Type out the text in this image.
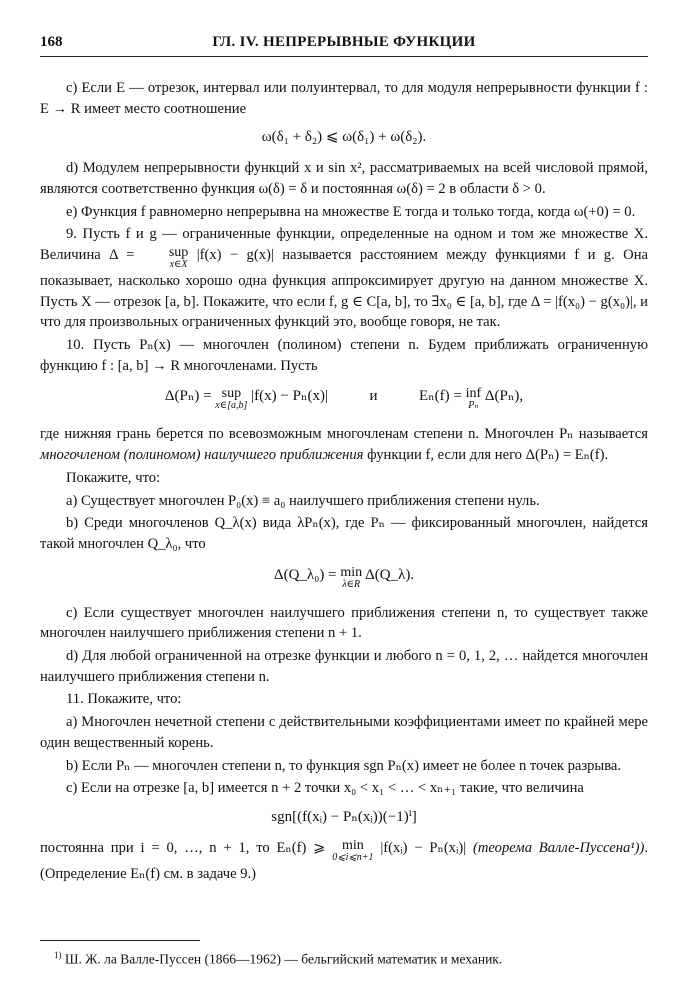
168	ГЛ. IV. НЕПРЕРЫВНЫЕ ФУНКЦИИ

c) Если E — отрезок, интервал или полуинтервал, то для модуля непрерывности функции f : E → R имеет место соотношение

ω(δ₁ + δ₂) ⩽ ω(δ₁) + ω(δ₂).

d) Модулем непрерывности функций x и sin x², рассматриваемых на всей числовой прямой, являются соответственно функция ω(δ) = δ и постоянная ω(δ) = 2 в области δ > 0.

e) Функция f равномерно непрерывна на множестве E тогда и только тогда, когда ω(+0) = 0.

9. Пусть f и g — ограниченные функции, определенные на одном и том же множестве X. Величина Δ =	sup
x∈X
|f(x) − g(x)| называется расстоянием между функциями f и g. Она показывает, насколько хорошо одна функция аппроксимирует другую на данном множестве X. Пусть X — отрезок [a, b]. Покажите, что если f, g ∈ C[a, b], то ∃x₀ ∈ [a, b], где Δ = |f(x₀) − g(x₀)|, и что для произвольных ограниченных функций это, вообще говоря, не так.

10. Пусть Pₙ(x) — многочлен (полином) степени n. Будем приближать ограниченную функцию f : [a, b] → R многочленами. Пусть

Δ(Pₙ) = sup
x∈[a,b]
|f(x) − Pₙ(x)|	и	Eₙ(f) = inf
Pₙ
Δ(Pₙ),

где нижняя грань берется по всевозможным многочленам степени n. Многочлен Pₙ называется многочленом (полиномом) наилучшего приближения функции f, если для него Δ(Pₙ) = Eₙ(f).

Покажите, что:

a) Существует многочлен P₀(x) ≡ a₀ наилучшего приближения степени нуль.

b) Среди многочленов Q_λ(x) вида λPₙ(x), где Pₙ — фиксированный многочлен, найдется такой многочлен Q_λ₀, что

Δ(Q_λ₀) = min
λ∈R
Δ(Q_λ).

c) Если существует многочлен наилучшего приближения степени n, то существует также многочлен наилучшего приближения степени n + 1.

d) Для любой ограниченной на отрезке функции и любого n = 0, 1, 2, … найдется многочлен наилучшего приближения степени n.

11. Покажите, что:

a) Многочлен нечетной степени с действительными коэффициентами имеет по крайней мере один вещественный корень.

b) Если Pₙ — многочлен степени n, то функция sgn Pₙ(x) имеет не более n точек разрыва.

c) Если на отрезке [a, b] имеется n + 2 точки x₀ < x₁ < … < xₙ₊₁ такие, что величина

sgn[(f(xᵢ) − Pₙ(xᵢ))(−1)ⁱ]

постоянна при i = 0, …, n + 1, то Eₙ(f) ⩾	min
0⩽i⩽n+1
|f(xᵢ) − Pₙ(xᵢ)| (теорема Валле-Пуссена¹)). (Определение Eₙ(f) см. в задаче 9.)

$^{1)}$ Ш. Ж. ла Валле-Пуссен (1866—1962) — бельгийский математик и механик.
